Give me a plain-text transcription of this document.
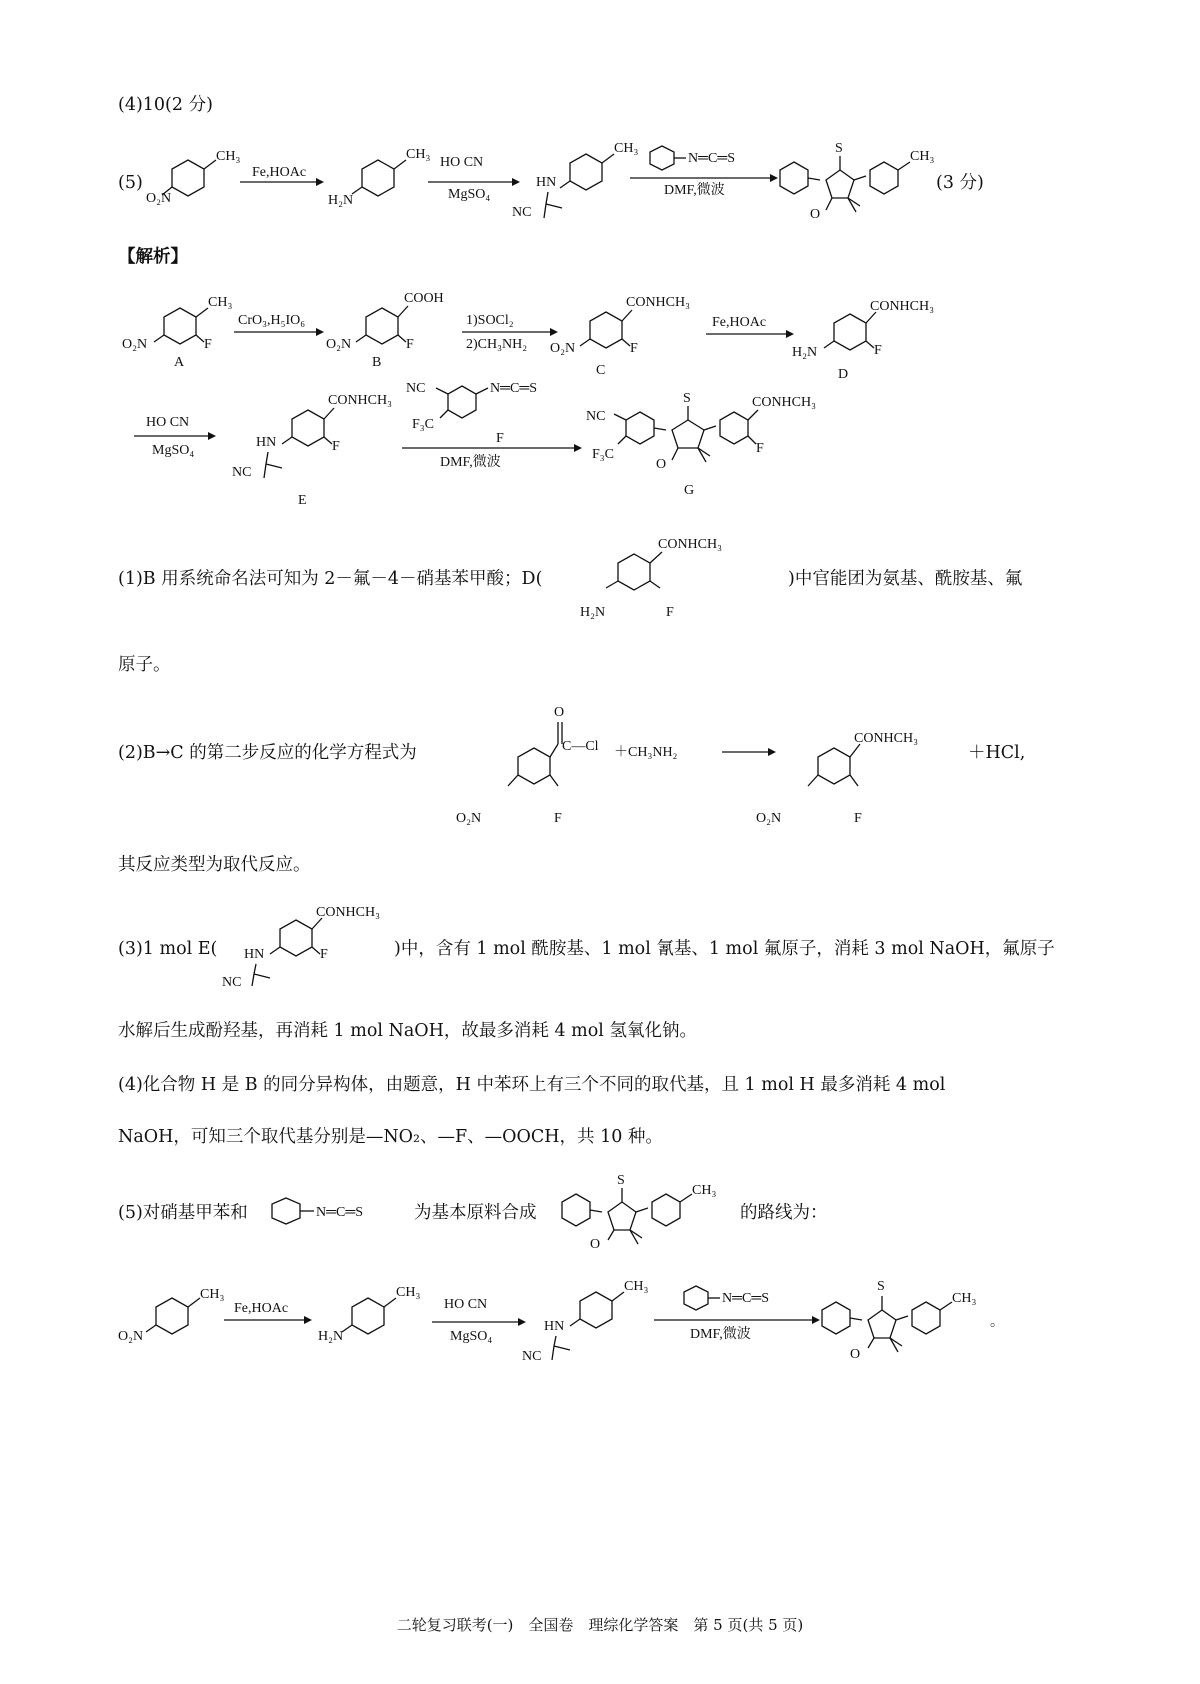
(4)10(2 分)
(5)
CH₃
O₂N
Fe,HOAc
CH₃
H₂N
HO CN
MgSO₄
CH₃
HN
NC
N═C═S
DMF,微波
S
O
CH₃
(3 分)
【解析】
CH₃
F
O₂N
A
CrO₃,H₅IO₆
COOH
F
O₂N
B
1)SOCl₂
2)CH₃NH₂
CONHCH₃
F
O₂N
C
Fe,HOAc
CONHCH₃
F
H₂N
D
HO CN
MgSO₄
CONHCH₃
F
HN
NC
E
NC	N═C═S
F₃C
F
DMF,微波
NC
F₃C
S
O
CONHCH₃
F
G
(1)B 用系统命名法可知为 2－氟－4－硝基苯甲酸；D(
CONHCH₃
F
H₂N
)中官能团为氨基、酰胺基、氟
原子。
(2)B→C 的第二步反应的化学方程式为
O
C—Cl
F
O₂N
＋CH₃NH₂
CONHCH₃
F
O₂N
＋HCl,
其反应类型为取代反应。
(3)1 mol E(
CONHCH₃
F
HN
NC
)中，含有 1 mol 酰胺基、1 mol 氰基、1 mol 氟原子，消耗 3 mol NaOH，氟原子
水解后生成酚羟基，再消耗 1 mol NaOH，故最多消耗 4 mol 氢氧化钠。
(4)化合物 H 是 B 的同分异构体，由题意，H 中苯环上有三个不同的取代基，且 1 mol H 最多消耗 4 mol
NaOH，可知三个取代基分别是—NO₂、—F、—OOCH，共 10 种。
(5)对硝基甲苯和	N═C═S	为基本原料合成
S
O
CH₃
的路线为：
CH₃
O₂N
Fe,HOAc
CH₃
H₂N
HO CN
MgSO₄
CH₃
HN
NC
N═C═S
DMF,微波
S
O
CH₃
。
二轮复习联考(一)　全国卷　理综化学答案　第 5 页(共 5 页)
